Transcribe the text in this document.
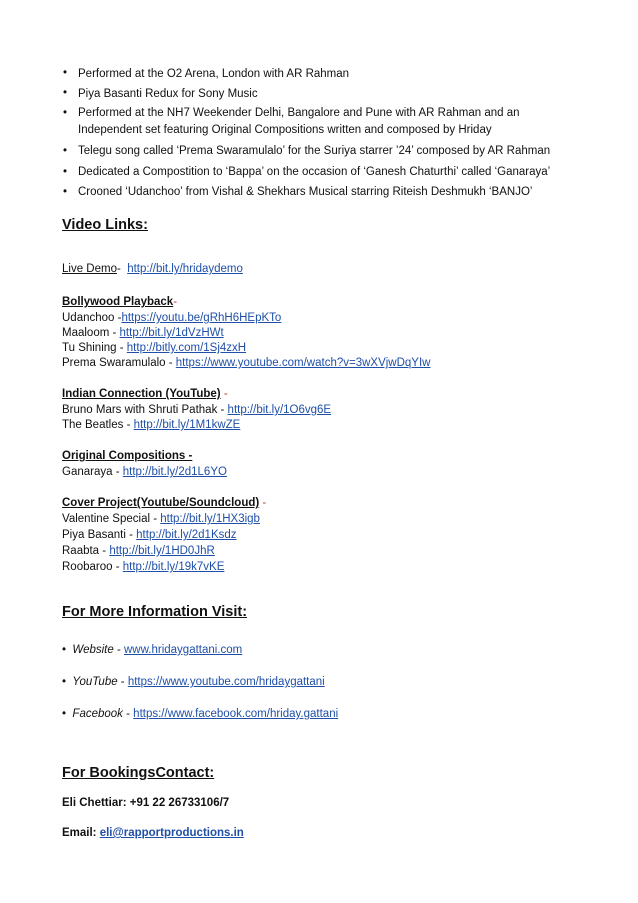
• Performed at the O2 Arena, London with AR Rahman
• Piya Basanti Redux for Sony Music
• Performed at the NH7 Weekender Delhi, Bangalore and Pune with AR Rahman and an Independent set featuring Original Compositions written and composed by Hriday
• Telegu song called ‘Prema Swaramulalo’ for the Suriya starrer ’24’ composed by AR Rahman
• Dedicated a Compostition to ‘Bappa’ on the occasion of ‘Ganesh Chaturthi’ called ‘Ganaraya’
• Crooned ‘Udanchoo’ from Vishal & Shekhars Musical starring Riteish Deshmukh ‘BANJO’
Video Links:
Live Demo- http://bit.ly/hridaydemo
Bollywood Playback-
Udanchoo -https://youtu.be/gRhH6HEpKTo
Maaloom - http://bit.ly/1dVzHWt
Tu Shining - http://bitly.com/1Sj4zxH
Prema Swaramulalo - https://www.youtube.com/watch?v=3wXVjwDqYIw
Indian Connection (YouTube) -
Bruno Mars with Shruti Pathak - http://bit.ly/1O6vg6E
The Beatles - http://bit.ly/1M1kwZE
Original Compositions -
Ganaraya - http://bit.ly/2d1L6YO
Cover Project(Youtube/Soundcloud) -
Valentine Special - http://bit.ly/1HX3igb
Piya Basanti - http://bit.ly/2d1Ksdz
Raabta - http://bit.ly/1HD0JhR
Roobaroo - http://bit.ly/19k7vKE
For More Information Visit:
• Website - www.hridaygattani.com
• YouTube - https://www.youtube.com/hridaygattani
• Facebook - https://www.facebook.com/hriday.gattani
For BookingsContact:
Eli Chettiar: +91 22 26733106/7
Email: eli@rapportproductions.in
